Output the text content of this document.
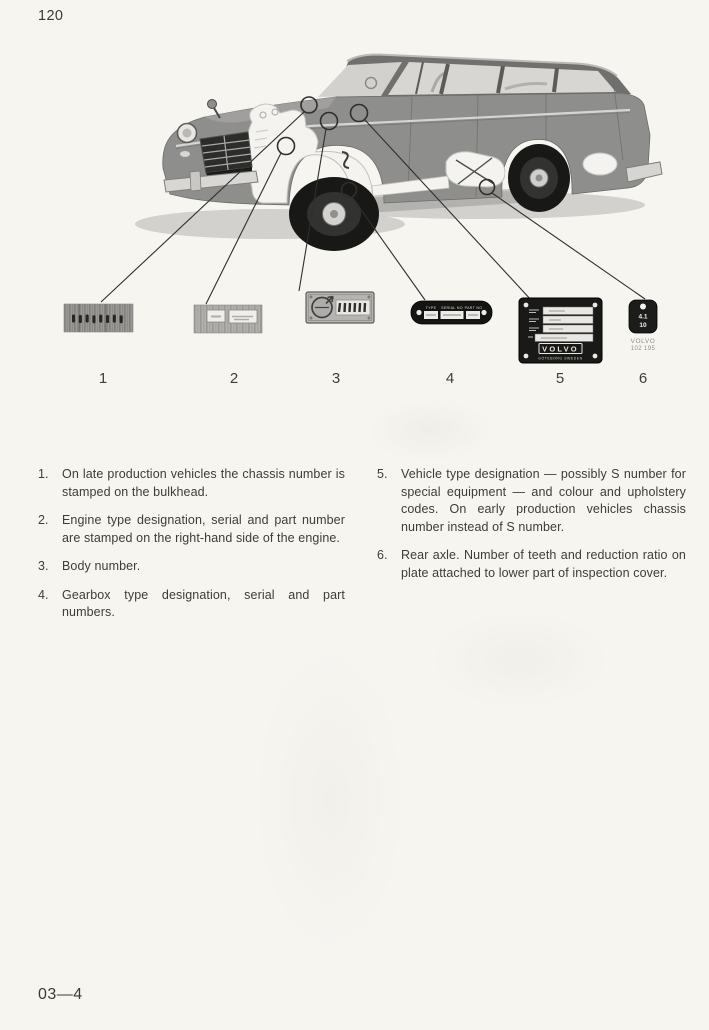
120
TYPE SERIAL NO PART NO
VOLVO
GÖTEBORG SWEDEN
4.1
10
VOLVO
102 195
1	2	3	4	5	6
1.	On late production vehicles the chassis number is stamped on the bulkhead.

2.	Engine type designation, serial and part number are stamped on the right-hand side of the engine.

3.	Body number.

4.	Gearbox type designation, serial and part numbers.

5.	Vehicle type designation — possibly S number for special equipment — and colour and upholstery codes. On early production vehicles chassis number instead of S number.

6.	Rear axle. Number of teeth and reduction ratio on plate attached to lower part of inspection cover.

03—4
